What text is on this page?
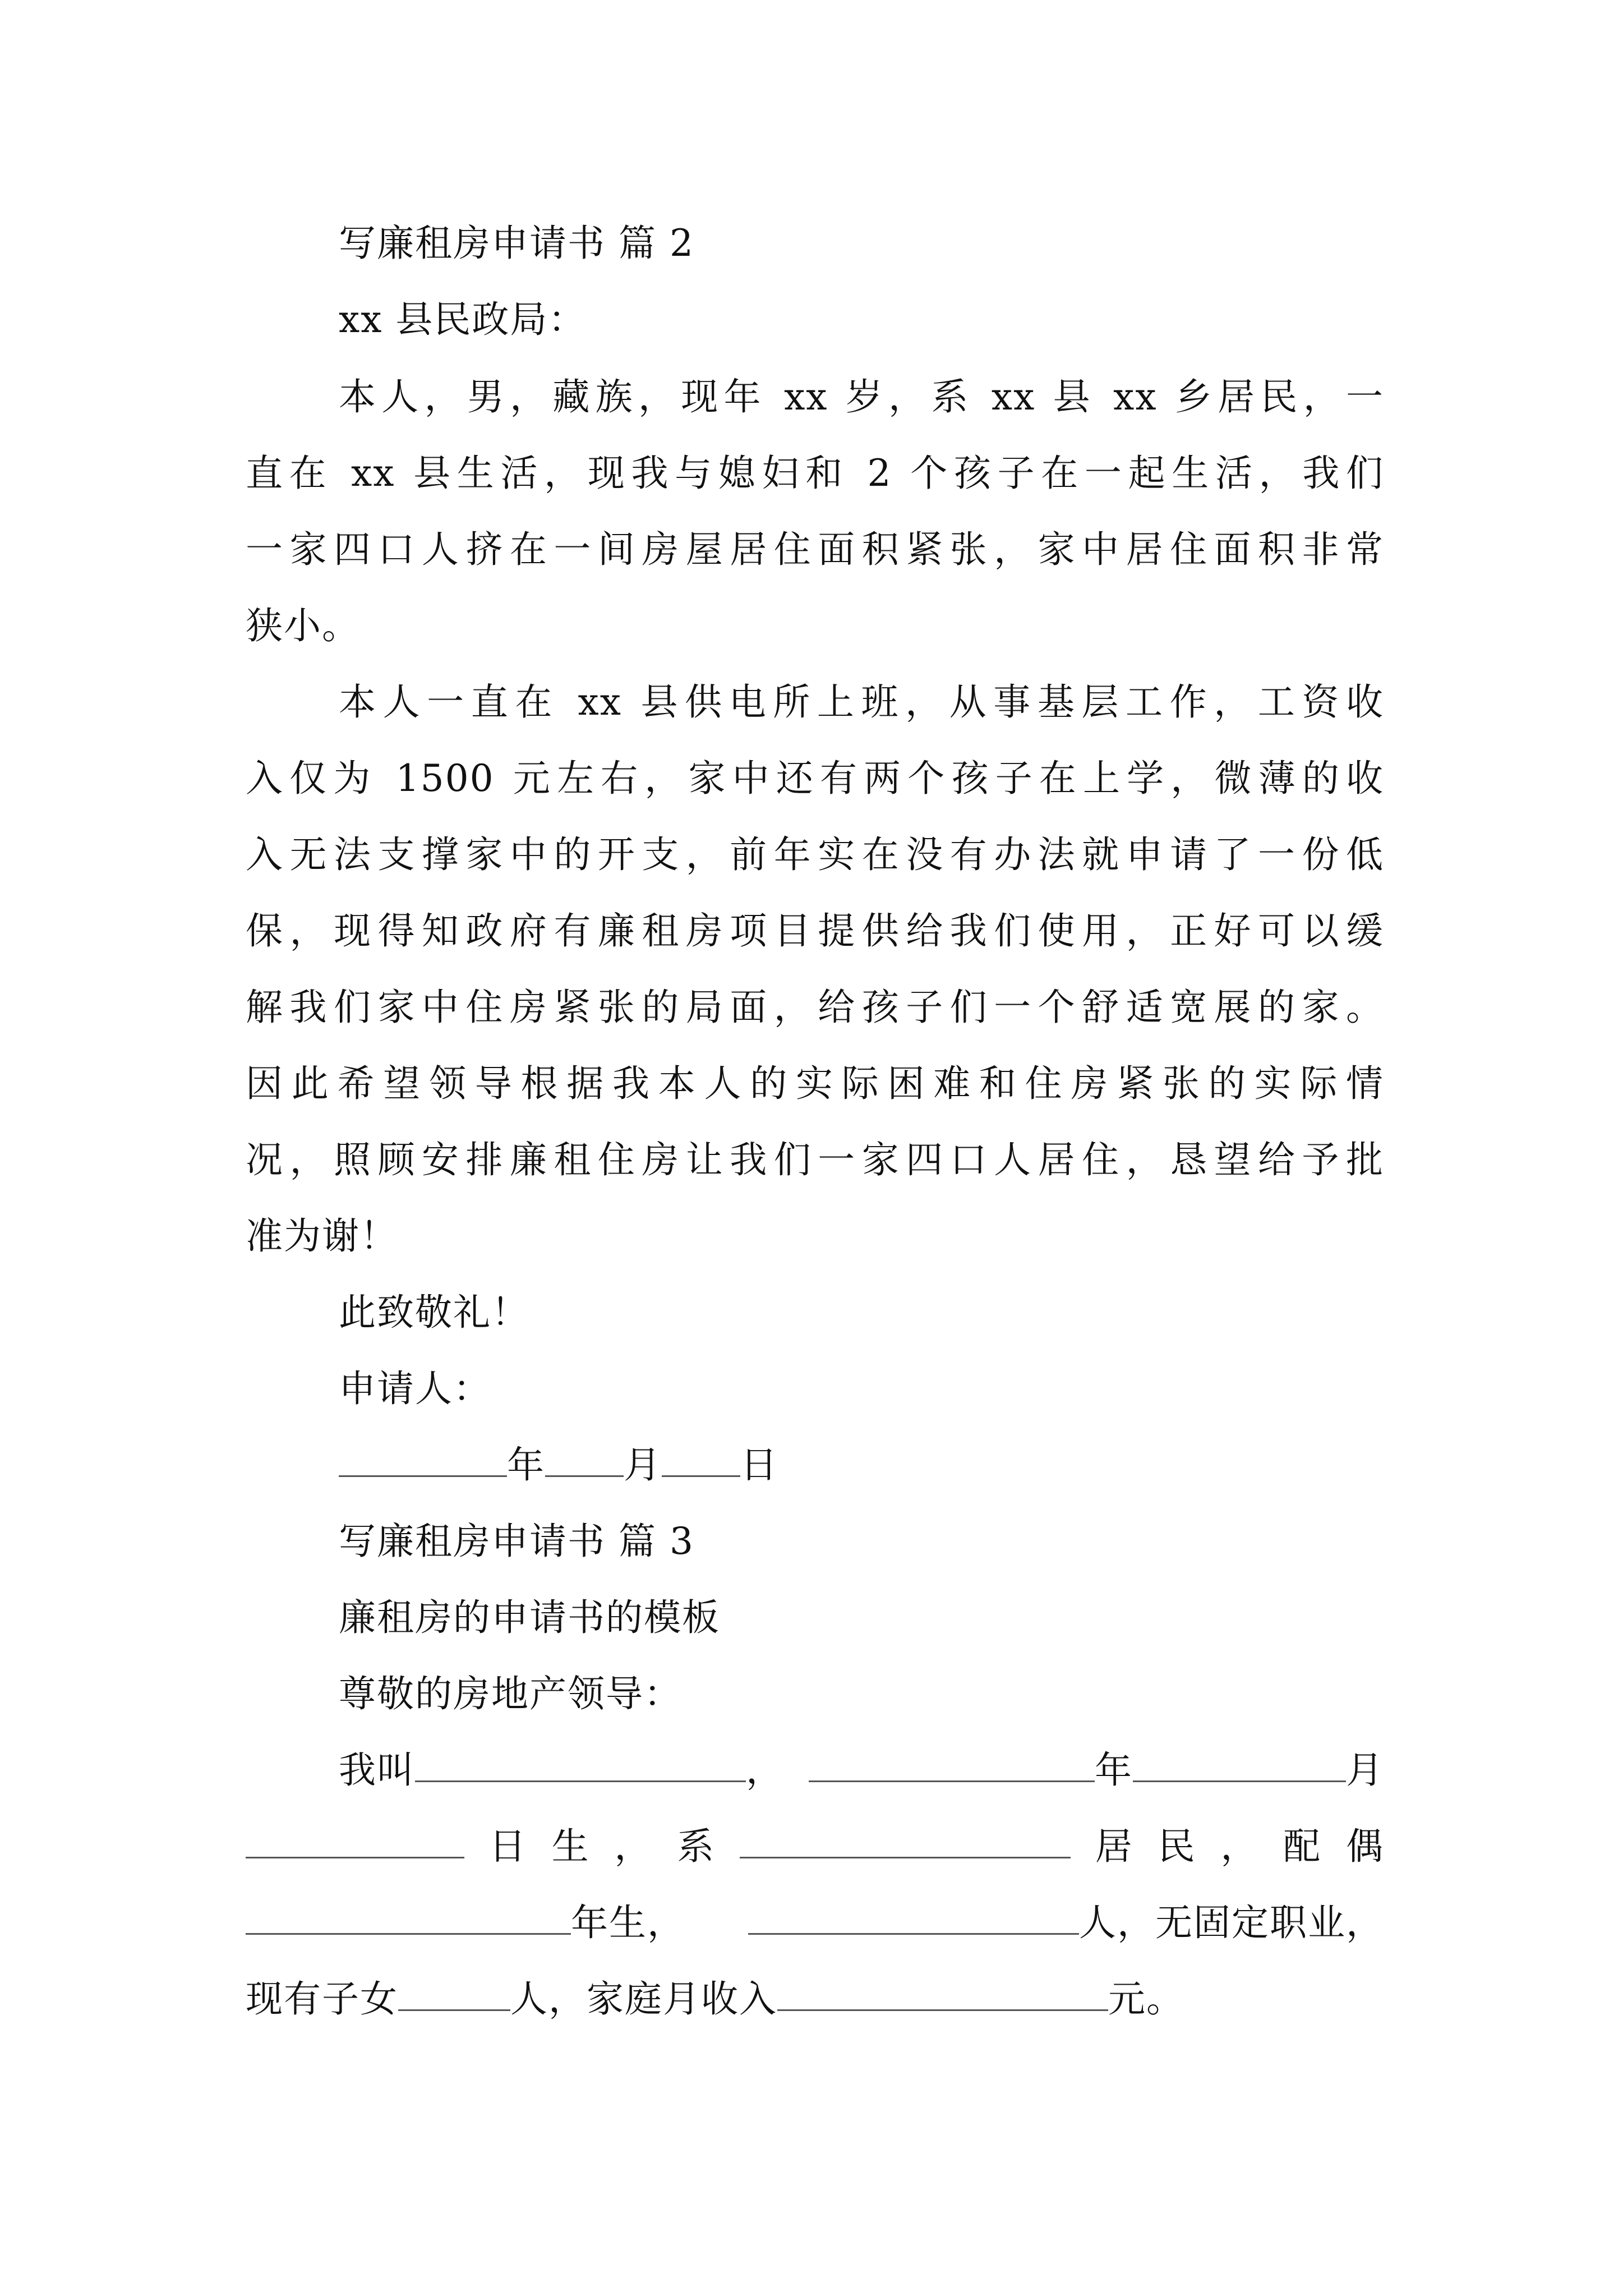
写廉租房申请书 篇 2
xx 县民政局：
本人，男，藏族，现年 xx 岁，系 xx 县 xx 乡居民，一
直在 xx 县生活，现我与媳妇和 2 个孩子在一起生活，我们
一家四口人挤在一间房屋居住面积紧张，家中居住面积非常
狭小。
本人一直在 xx 县供电所上班，从事基层工作，工资收
入仅为 1500 元左右，家中还有两个孩子在上学，微薄的收
入无法支撑家中的开支，前年实在没有办法就申请了一份低
保，现得知政府有廉租房项目提供给我们使用，正好可以缓
解我们家中住房紧张的局面，给孩子们一个舒适宽展的家。
因此希望领导根据我本人的实际困难和住房紧张的实际情
况，照顾安排廉租住房让我们一家四口人居住，恳望给予批
准为谢！
此致敬礼！
申请人：
年 月 日
写廉租房申请书 篇 3
廉租房的申请书的模板
尊敬的房地产领导：
我叫	，	年	月
日 生 ， 系	居 民 ， 配 偶
年生，	人，无固定职业，
现有子女	人，家庭月收入	元。
